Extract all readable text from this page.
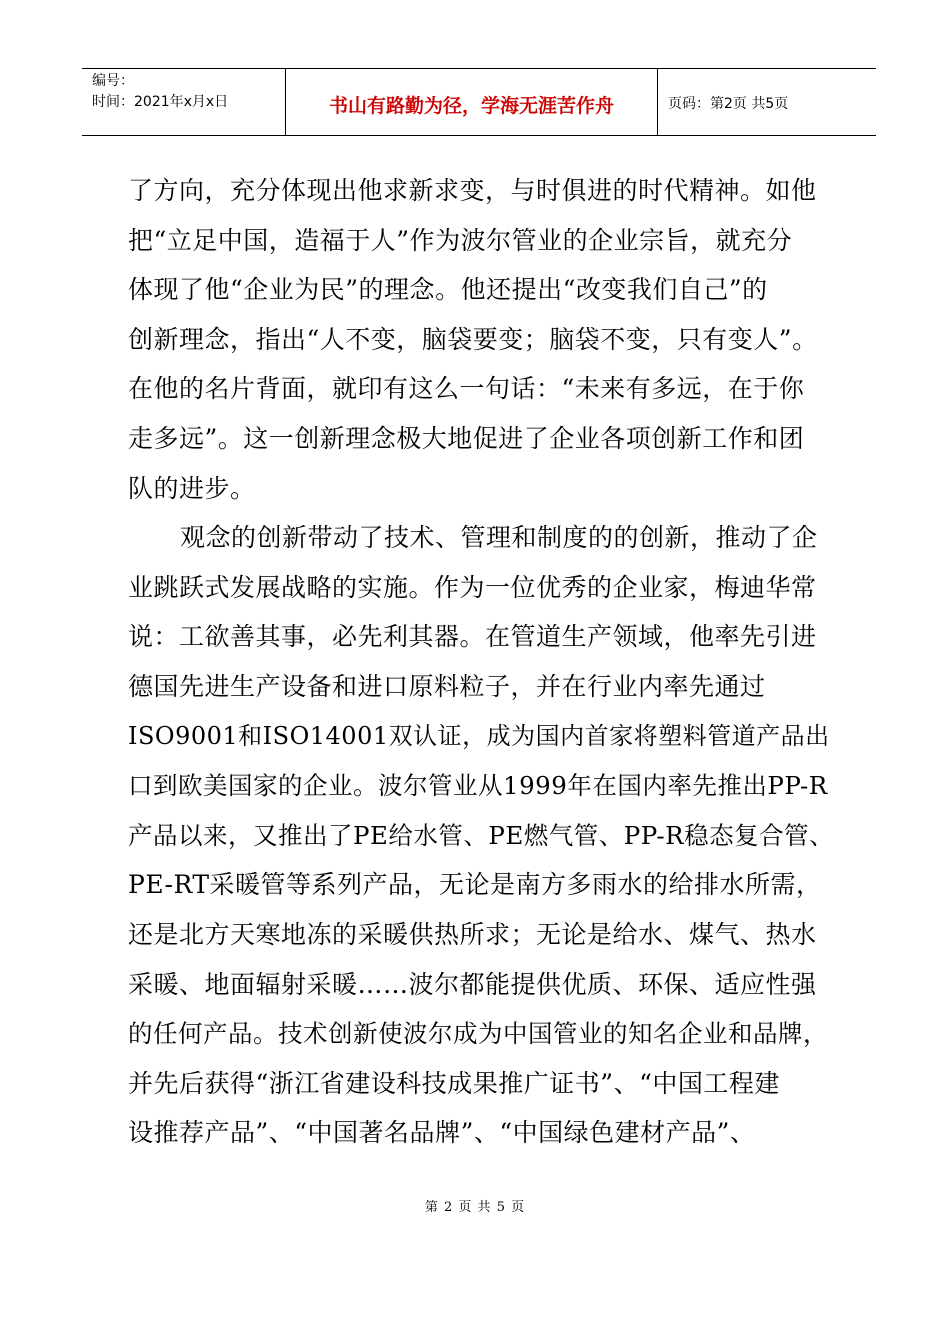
编号：
时间：2021年x月x日	书山有路勤为径，学海无涯苦作舟	页码：第2页 共5页
了方向，充分体现出他求新求变，与时俱进的时代精神。如他
把“立足中国，造福于人”作为波尔管业的企业宗旨，就充分
体现了他“企业为民”的理念。他还提出“改变我们自己”的
创新理念，指出“人不变，脑袋要变；脑袋不变，只有变人”。
在他的名片背面，就印有这么一句话：“未来有多远，在于你
走多远”。这一创新理念极大地促进了企业各项创新工作和团
队的进步。
观念的创新带动了技术、管理和制度的的创新，推动了企
业跳跃式发展战略的实施。作为一位优秀的企业家，梅迪华常
说：工欲善其事，必先利其器。在管道生产领域，他率先引进
德国先进生产设备和进口原料粒子，并在行业内率先通过
ISO9001和ISO14001双认证，成为国内首家将塑料管道产品出
口到欧美国家的企业。波尔管业从1999年在国内率先推出PP-R
产品以来，又推出了PE给水管、PE燃气管、PP-R稳态复合管、
PE-RT采暖管等系列产品，无论是南方多雨水的给排水所需，
还是北方天寒地冻的采暖供热所求；无论是给水、煤气、热水
采暖、地面辐射采暖……波尔都能提供优质、环保、适应性强
的任何产品。技术创新使波尔成为中国管业的知名企业和品牌，
并先后获得“浙江省建设科技成果推广证书”、“中国工程建
设推荐产品”、“中国著名品牌”、“中国绿色建材产品”、
第 2 页 共 5 页
